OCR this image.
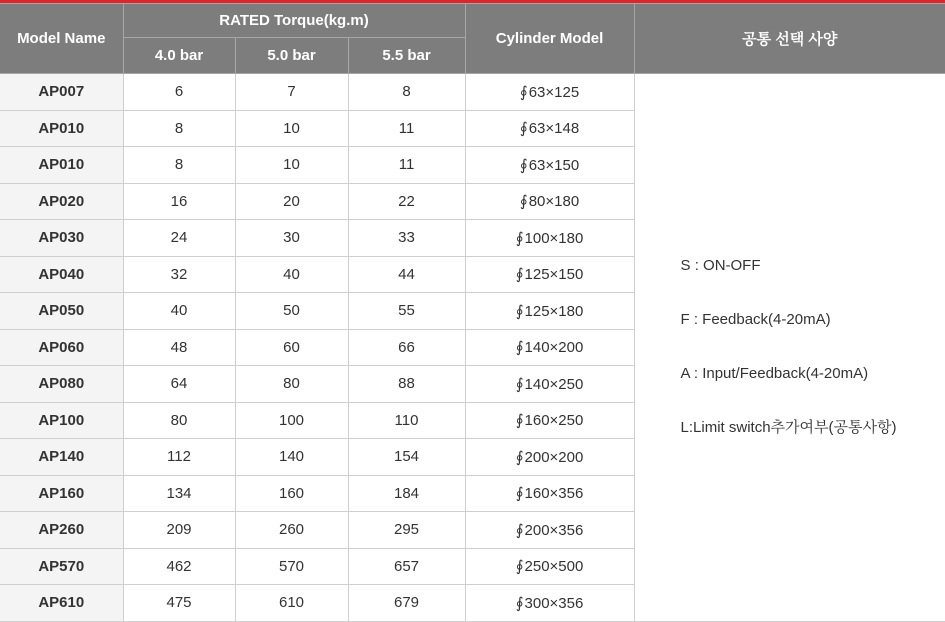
Model Name	RATED Torque(kg.m)			Cylinder Model	공통 선택 사양
	4.0 bar	5.0 bar	5.5 bar		
AP007	6	7	8	∮63×125	S : ON-OFF
F : Feedback(4-20mA)
A : Input/Feedback(4-20mA)
L:Limit switch추가여부(공통사항)

AP010	8	10	11	∮63×148	
AP010	8	10	11	∮63×150	
AP020	16	20	22	∮80×180	
AP030	24	30	33	∮100×180	
AP040	32	40	44	∮125×150	
AP050	40	50	55	∮125×180	
AP060	48	60	66	∮140×200	
AP080	64	80	88	∮140×250	
AP100	80	100	110	∮160×250	
AP140	112	140	154	∮200×200	
AP160	134	160	184	∮160×356	
AP260	209	260	295	∮200×356	
AP570	462	570	657	∮250×500	
AP610	475	610	679	∮300×356	
